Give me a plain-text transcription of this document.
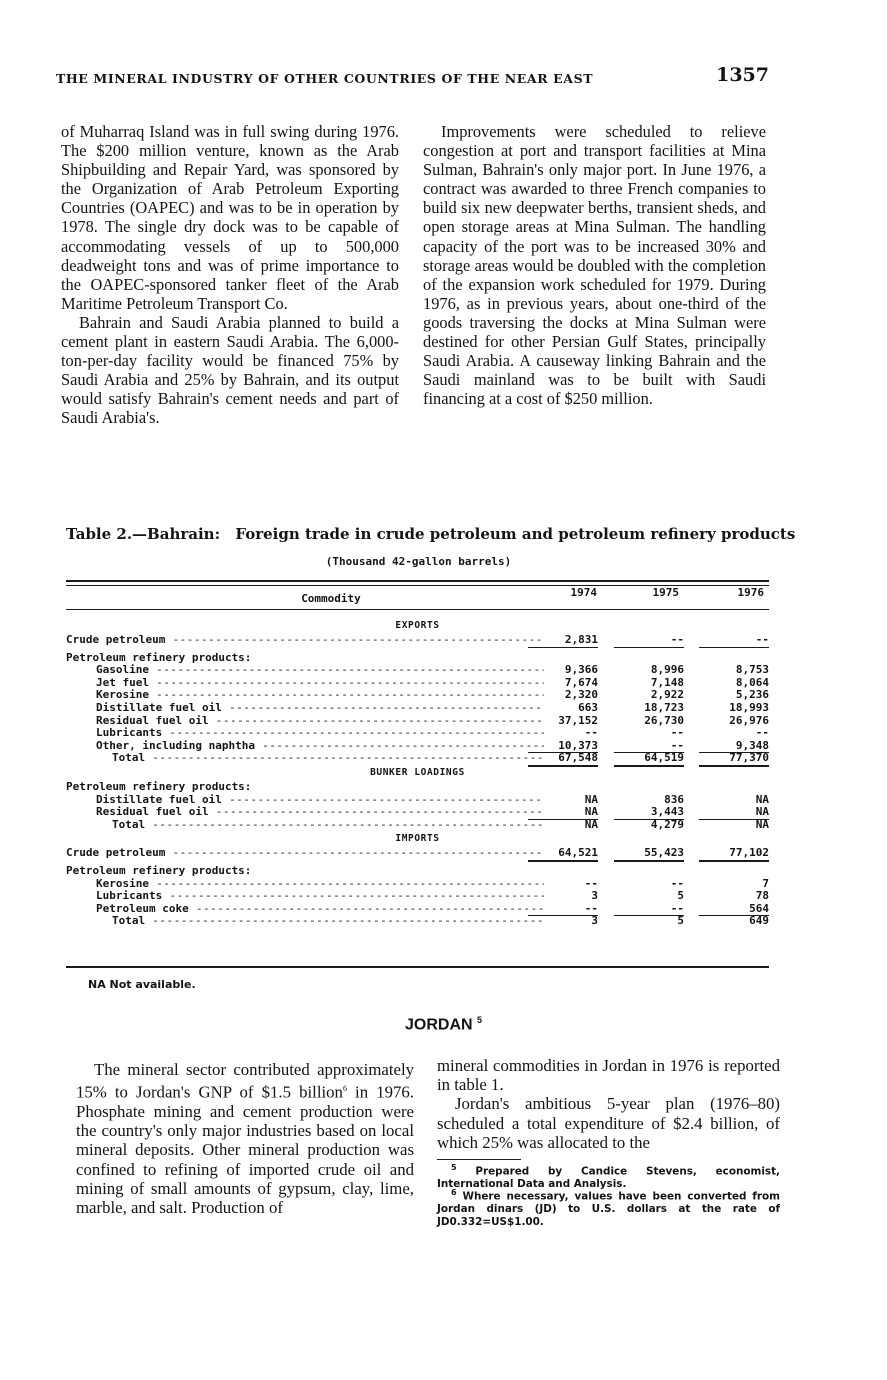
THE MINERAL INDUSTRY OF OTHER COUNTRIES OF THE NEAR EAST	1357

of Muharraq Island was in full swing during 1976. The $200 million venture, known as the Arab Shipbuilding and Repair Yard, was sponsored by the Organization of Arab Petroleum Exporting Countries (OAPEC) and was to be in operation by 1978. The single dry dock was to be capable of accommodating vessels of up to 500,000 deadweight tons and was of prime importance to the OAPEC-sponsored tanker fleet of the Arab Maritime Petroleum Transport Co.

Bahrain and Saudi Arabia planned to build a cement plant in eastern Saudi Arabia. The 6,000-ton-per-day facility would be financed 75% by Saudi Arabia and 25% by Bahrain, and its output would satisfy Bahrain's cement needs and part of Saudi Arabia's.

Improvements were scheduled to relieve congestion at port and transport facilities at Mina Sulman, Bahrain's only major port. In June 1976, a contract was awarded to three French companies to build six new deepwater berths, transient sheds, and open storage areas at Mina Sulman. The handling capacity of the port was to be increased 30% and storage areas would be doubled with the completion of the expansion work scheduled for 1979. During 1976, as in previous years, about one-third of the goods traversing the docks at Mina Sulman were destined for other Persian Gulf States, principally Saudi Arabia. A causeway linking Bahrain and the Saudi mainland was to be built with Saudi financing at a cost of $250 million.

Table 2.—Bahrain: Foreign trade in crude petroleum and petroleum refinery products
(Thousand 42-gallon barrels)
Commodity	1974	1975	1976
EXPORTS
Crude petroleum -----	2,831	--	--
Petroleum refinery products:
Gasoline -----	9,366	8,996	8,753
Jet fuel -----	7,674	7,148	8,064
Kerosine -----	2,320	2,922	5,236
Distillate fuel oil -----	663	18,723	18,993
Residual fuel oil -----	37,152	26,730	26,976
Lubricants -----	--	--	--
Other, including naphtha -----	10,373	--	9,348
Total -----	67,548	64,519	77,370
BUNKER LOADINGS
Petroleum refinery products:
Distillate fuel oil -----	NA	836	NA
Residual fuel oil -----	NA	3,443	NA
Total -----	NA	4,279	NA
IMPORTS
Crude petroleum -----	64,521	55,423	77,102
Petroleum refinery products:
Kerosine -----	--	--	7
Lubricants -----	3	5	78
Petroleum coke -----	--	--	564
Total -----	3	5	649
NA Not available.
JORDAN $^5$

The mineral sector contributed approximately 15% to Jordan's GNP of $1.5 billion$^6$ in 1976. Phosphate mining and cement production were the country's only major industries based on local mineral deposits. Other mineral production was confined to refining of imported crude oil and mining of small amounts of gypsum, clay, lime, marble, and salt. Production of

mineral commodities in Jordan in 1976 is reported in table 1.

Jordan's ambitious 5-year plan (1976–80) scheduled a total expenditure of $2.4 billion, of which 25% was allocated to the

$^5$ Prepared by Candice Stevens, economist, International Data and Analysis.

$^6$ Where necessary, values have been converted from Jordan dinars (JD) to U.S. dollars at the rate of JD0.332=US$1.00.
